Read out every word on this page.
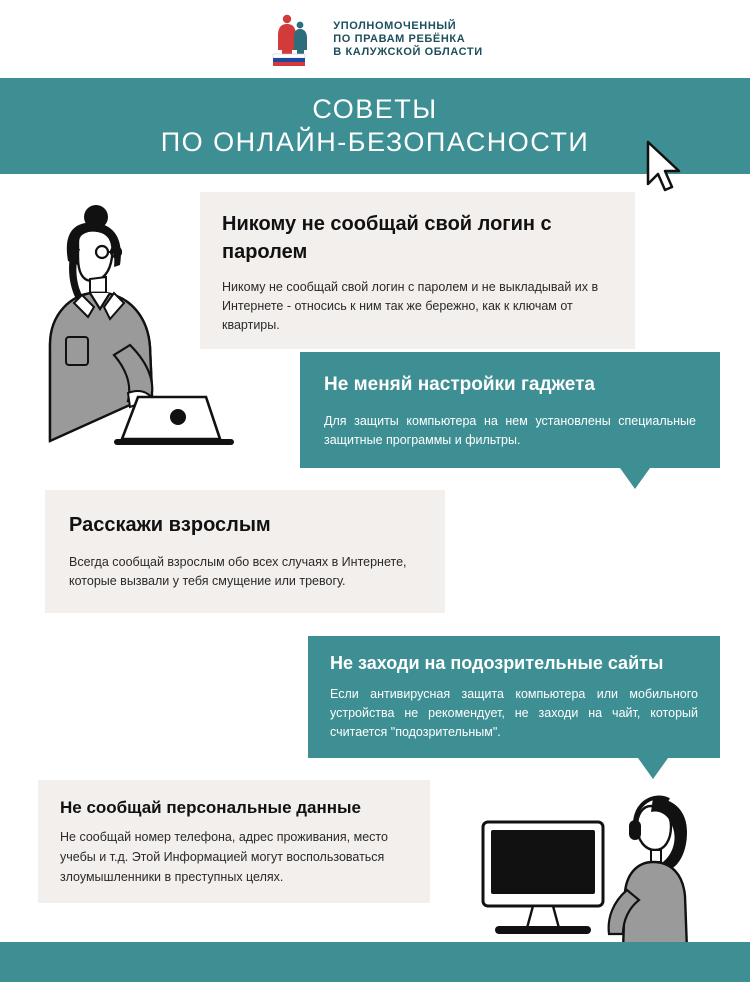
УПОЛНОМОЧЕННЫЙ
ПО ПРАВАМ РЕБЁНКА
В КАЛУЖСКОЙ ОБЛАСТИ
СОВЕТЫ
ПО ОНЛАЙН-БЕЗОПАСНОСТИ
Никому не сообщай свой логин с паролем
Никому не сообщай свой логин с паролем и не выкладывай их в Интернете - относись к ним так же бережно, как к ключам от квартиры.
Не меняй настройки гаджета
Для защиты компьютера на нем установлены специальные защитные программы и фильтры.
Расскажи взрослым
Всегда сообщай взрослым обо всех случаях в Интернете, которые вызвали у тебя смущение или тревогу.
Не заходи на подозрительные сайты
Если антивирусная защита компьютера или мобильного устройства не рекомендует, не заходи на чайт, который считается "подозрительным".
Не сообщай персональные данные
Не сообщай номер телефона, адрес проживания, место учебы и т.д. Этой Информацией могут воспользоваться злоумышленники в преступных целях.
